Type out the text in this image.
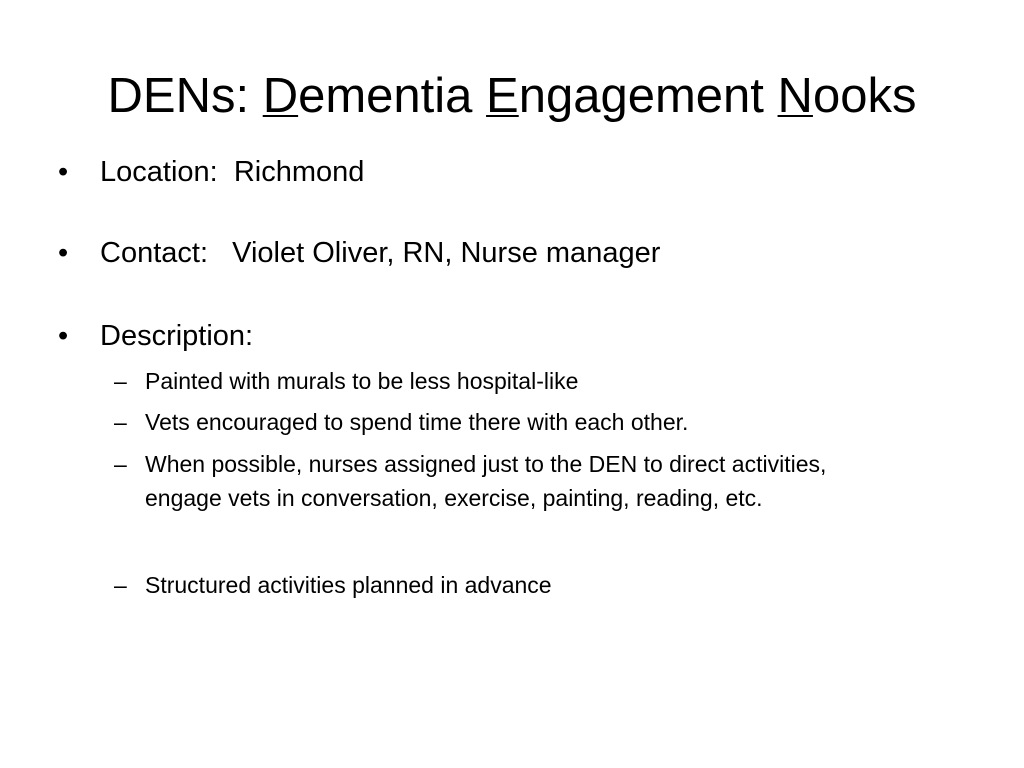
DENs: Dementia Engagement Nooks
• Location:  Richmond
• Contact:   Violet Oliver, RN, Nurse manager
• Description:
– Painted with murals to be less hospital-like
– Vets encouraged to spend time there with each other.
– When possible, nurses assigned just to the DEN to direct activities, engage vets in conversation, exercise, painting, reading, etc.
– Structured activities planned in advance
